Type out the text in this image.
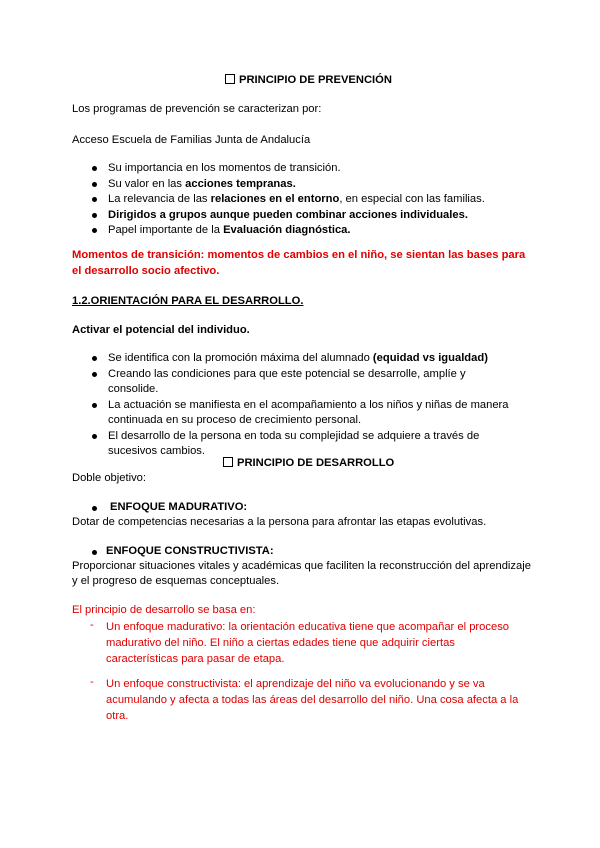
PRINCIPIO DE PREVENCIÓN
Los programas de prevención se caracterizan por:
Acceso Escuela de Familias Junta de Andalucía
Su importancia en los momentos de transición.
Su valor en las acciones tempranas.
La relevancia de las relaciones en el entorno, en especial con las familias.
Dirigidos a grupos aunque pueden combinar acciones individuales.
Papel importante de la Evaluación diagnóstica.
Momentos de transición: momentos de cambios en el niño, se sientan las bases para
el desarrollo socio afectivo.
1.2.ORIENTACIÓN PARA EL DESARROLLO.
Activar el potencial del individuo.
Se identifica con la promoción máxima del alumnado (equidad vs igualdad)
Creando las condiciones para que este potencial se desarrolle, amplíe y consolide.
La actuación se manifiesta en el acompañamiento a los niños y niñas de manera continuada en su proceso de crecimiento personal.
El desarrollo de la persona en toda su complejidad se adquiere a través de sucesivos cambios.
PRINCIPIO DE DESARROLLO
Doble objetivo:
ENFOQUE MADURATIVO:
Dotar de competencias necesarias a la persona para afrontar las etapas evolutivas.
ENFOQUE CONSTRUCTIVISTA:
Proporcionar situaciones vitales y académicas que faciliten la reconstrucción del aprendizaje
y el progreso de esquemas conceptuales.
El principio de desarrollo se basa en:
- Un enfoque madurativo: la orientación educativa tiene que acompañar el proceso madurativo del niño. El niño a ciertas edades tiene que adquirir ciertas características para pasar de etapa.
- Un enfoque constructivista: el aprendizaje del niño va evolucionando y se va acumulando y afecta a todas las áreas del desarrollo del niño. Una cosa afecta a la otra.
